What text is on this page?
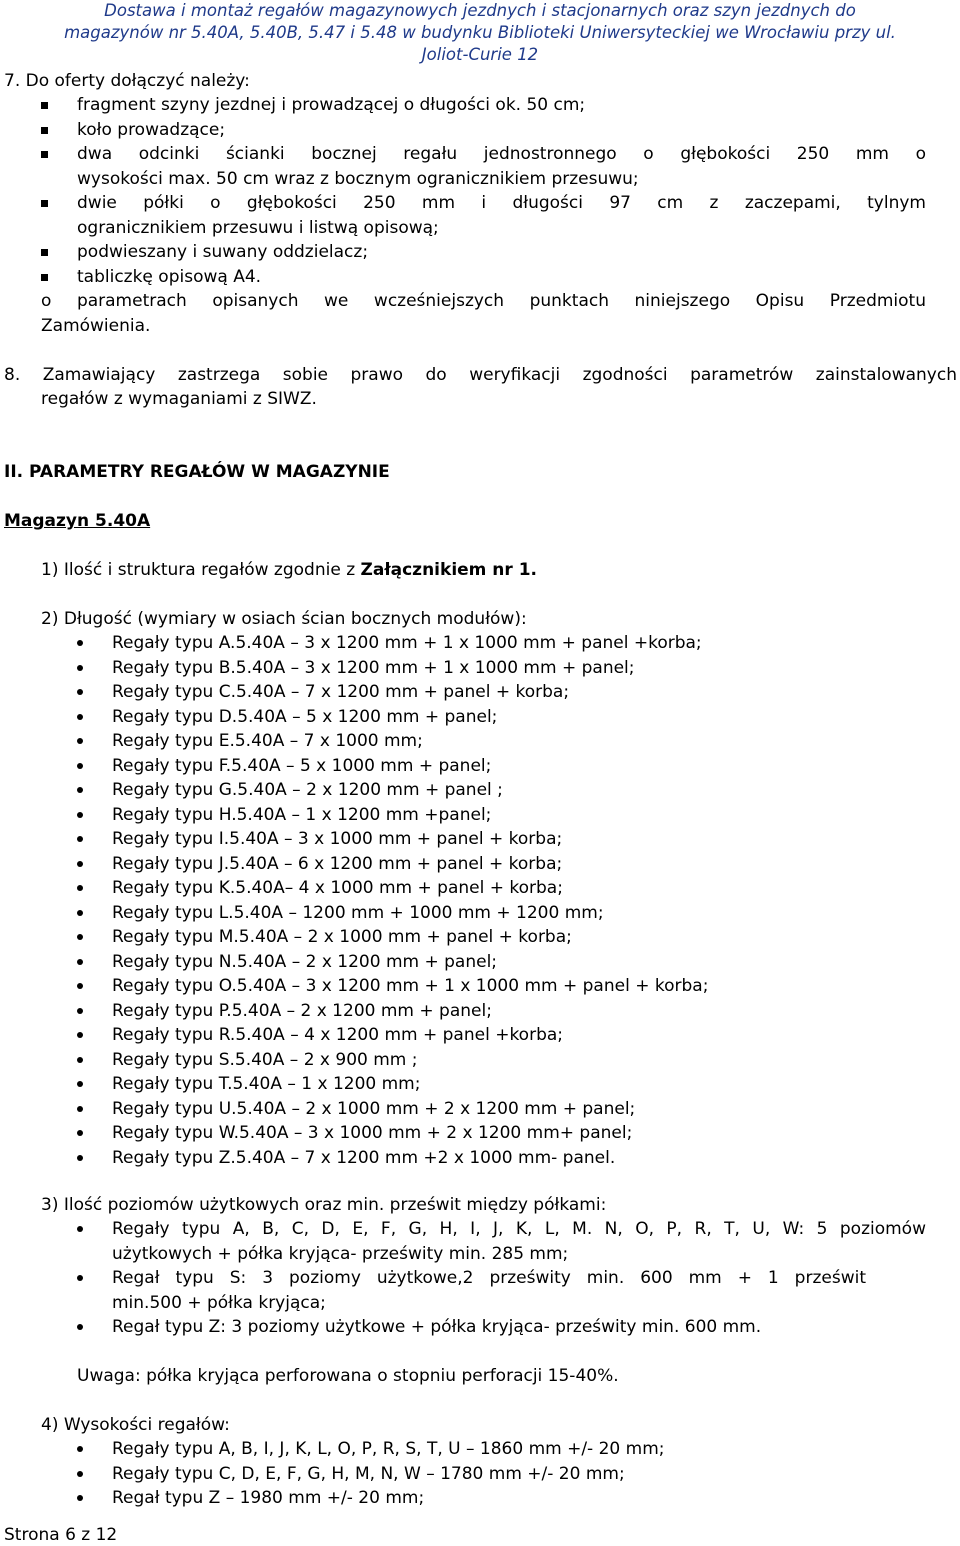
Dostawa i montaż regałów magazynowych jezdnych i stacjonarnych oraz szyn jezdnych do
magazynów nr 5.40A, 5.40B, 5.47 i 5.48 w budynku Biblioteki Uniwersyteckiej we Wrocławiu przy ul.
Joliot-Curie 12
7. Do oferty dołączyć należy:
fragment szyny jezdnej i prowadzącej o długości ok. 50 cm;
koło prowadzące;
dwa odcinki ścianki bocznej regału jednostronnego o głębokości 250 mm o
wysokości max. 50 cm wraz z bocznym ogranicznikiem przesuwu;
dwie półki o głębokości 250 mm i długości 97 cm z zaczepami, tylnym
ogranicznikiem przesuwu i listwą opisową;
podwieszany i suwany oddzielacz;
tabliczkę opisową A4.
o parametrach opisanych we wcześniejszych punktach niniejszego Opisu Przedmiotu
Zamówienia.
8. Zamawiający zastrzega sobie prawo do weryfikacji zgodności parametrów zainstalowanych
regałów z wymaganiami z SIWZ.
II. PARAMETRY REGAŁÓW W MAGAZYNIE
Magazyn 5.40A
1) Ilość i struktura regałów zgodnie z Załącznikiem nr 1.
2) Długość (wymiary w osiach ścian bocznych modułów):
Regały typu A.5.40A – 3 x 1200 mm + 1 x 1000 mm + panel +korba;
Regały typu B.5.40A – 3 x 1200 mm + 1 x 1000 mm + panel;
Regały typu C.5.40A – 7 x 1200 mm + panel + korba;
Regały typu D.5.40A – 5 x 1200 mm + panel;
Regały typu E.5.40A – 7 x 1000 mm;
Regały typu F.5.40A – 5 x 1000 mm + panel;
Regały typu G.5.40A – 2 x 1200 mm + panel ;
Regały typu H.5.40A – 1 x 1200 mm +panel;
Regały typu I.5.40A – 3 x 1000 mm + panel + korba;
Regały typu J.5.40A – 6 x 1200 mm + panel + korba;
Regały typu K.5.40A– 4 x 1000 mm + panel + korba;
Regały typu L.5.40A – 1200 mm + 1000 mm + 1200 mm;
Regały typu M.5.40A – 2 x 1000 mm + panel + korba;
Regały typu N.5.40A – 2 x 1200 mm + panel;
Regały typu O.5.40A – 3 x 1200 mm + 1 x 1000 mm + panel + korba;
Regały typu P.5.40A – 2 x 1200 mm + panel;
Regały typu R.5.40A – 4 x 1200 mm + panel +korba;
Regały typu S.5.40A – 2 x 900 mm ;
Regały typu T.5.40A – 1 x 1200 mm;
Regały typu U.5.40A – 2 x 1000 mm + 2 x 1200 mm + panel;
Regały typu W.5.40A – 3 x 1000 mm + 2 x 1200 mm+ panel;
Regały typu Z.5.40A – 7 x 1200 mm +2 x 1000 mm- panel.
3) Ilość poziomów użytkowych oraz min. prześwit między półkami:
Regały typu A, B, C, D, E, F, G, H, I, J, K, L, M. N, O, P, R, T, U, W: 5 poziomów
użytkowych + półka kryjąca- prześwity min. 285 mm;
Regał typu S: 3 poziomy użytkowe,2 prześwity min. 600 mm + 1 prześwit
min.500 + półka kryjąca;
Regał typu Z: 3 poziomy użytkowe + półka kryjąca- prześwity min. 600 mm.
Uwaga: półka kryjąca perforowana o stopniu perforacji 15-40%.
4) Wysokości regałów:
Regały typu A, B, I, J, K, L, O, P, R, S, T, U – 1860 mm +/- 20 mm;
Regały typu C, D, E, F, G, H, M, N, W – 1780 mm +/- 20 mm;
Regał typu Z – 1980 mm +/- 20 mm;
Strona 6 z 12
